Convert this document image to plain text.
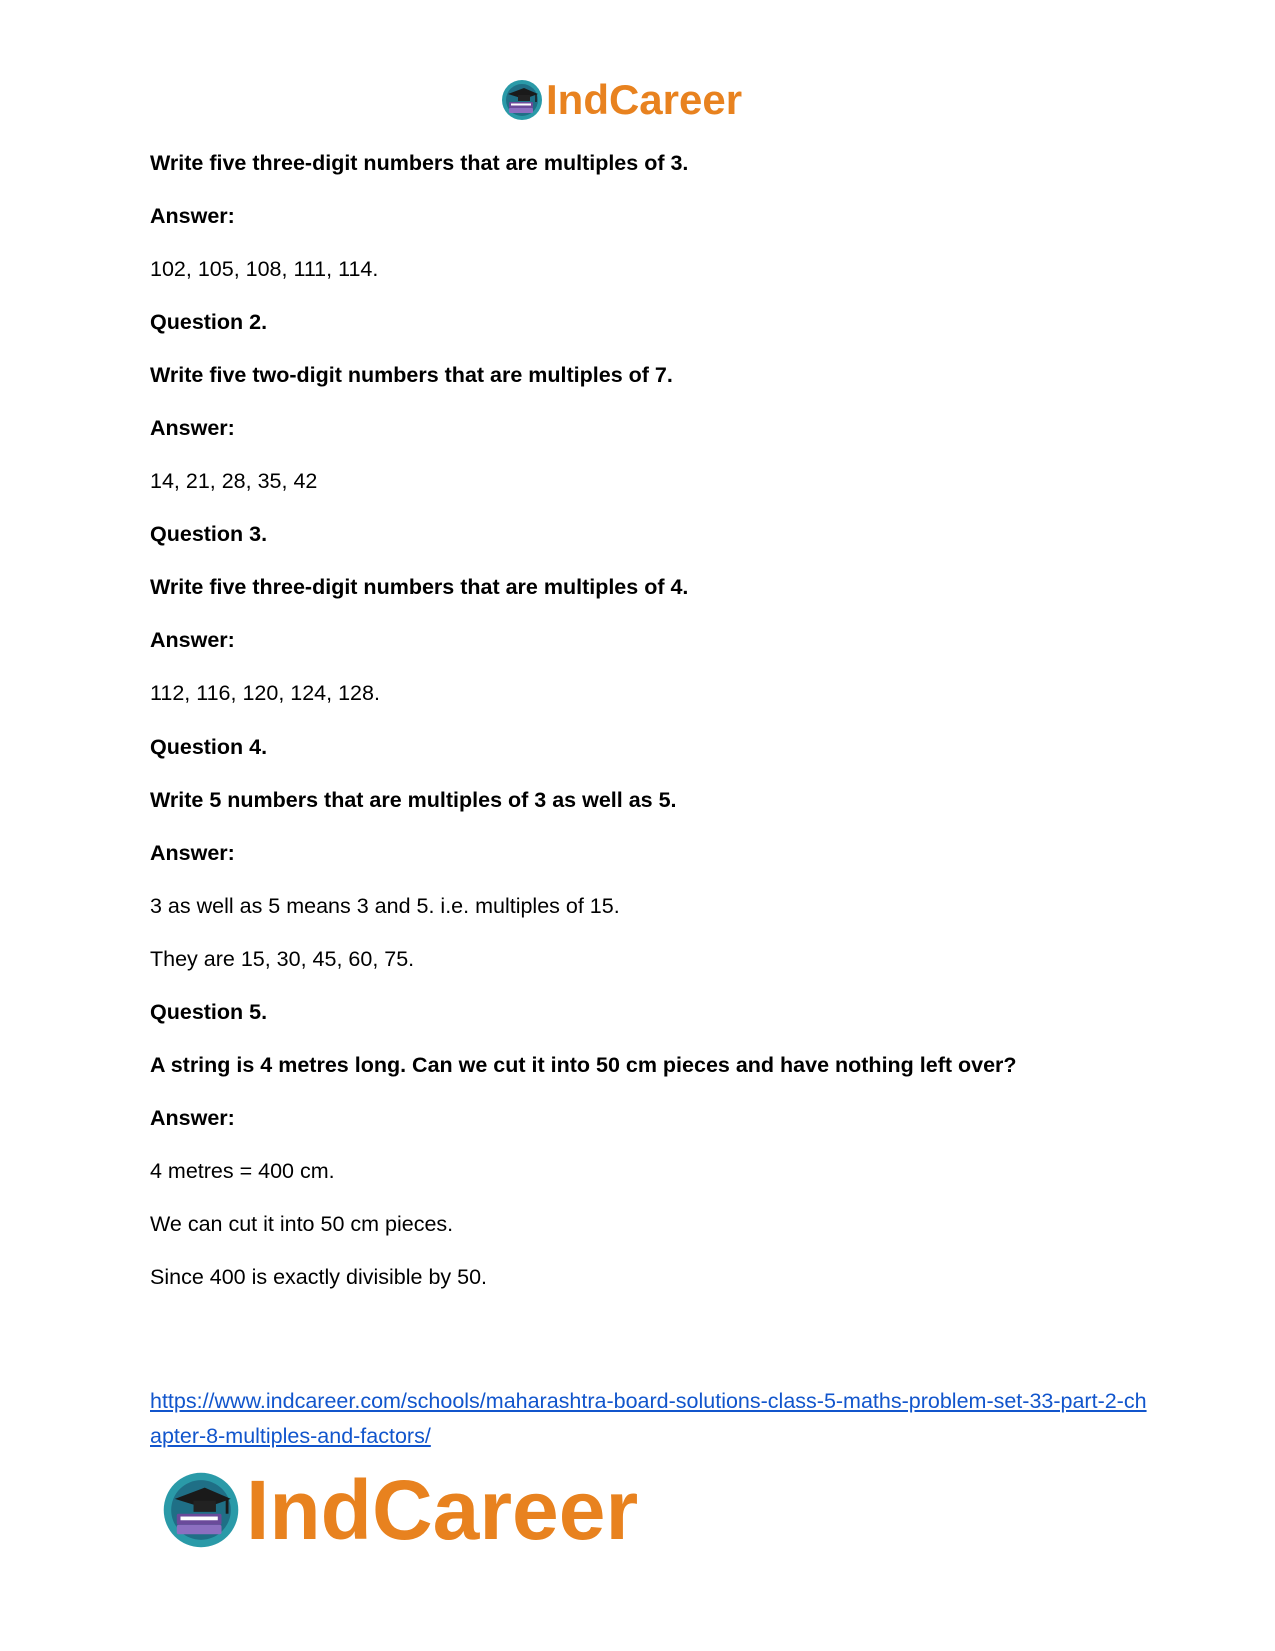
IndCareer
Write five three-digit numbers that are multiples of 3.
Answer:
102, 105, 108, 111, 114.
Question 2.
Write five two-digit numbers that are multiples of 7.
Answer:
14, 21, 28, 35, 42
Question 3.
Write five three-digit numbers that are multiples of 4.
Answer:
112, 116, 120, 124, 128.
Question 4.
Write 5 numbers that are multiples of 3 as well as 5.
Answer:
3 as well as 5 means 3 and 5. i.e. multiples of 15.
They are 15, 30, 45, 60, 75.
Question 5.
A string is 4 metres long. Can we cut it into 50 cm pieces and have nothing left over?
Answer:
4 metres = 400 cm.
We can cut it into 50 cm pieces.
Since 400 is exactly divisible by 50.
https://www.indcareer.com/schools/maharashtra-board-solutions-class-5-maths-problem-set-33-part-2-chapter-8-multiples-and-factors/
IndCareer
